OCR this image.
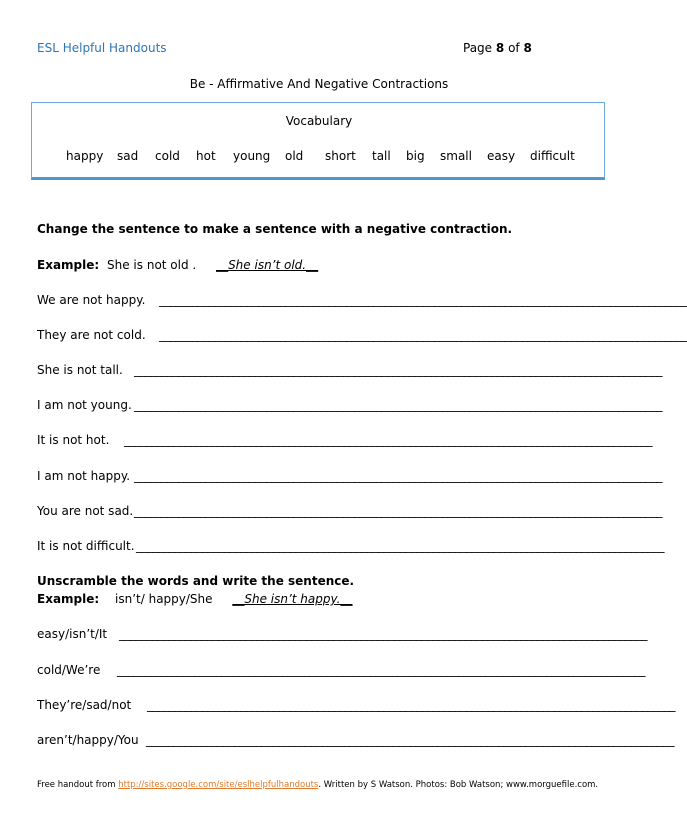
ESL Helpful Handouts	Page 8 of 8
Be - Affirmative And Negative Contractions
Vocabulary
happy sad cold hot young old short tall big small easy difficult
Change the sentence to make a sentence with a negative contraction.
Example: She is not old . __She isn’t old.__
We are not happy. ________________________________________________________________________________________________
They are not cold. ________________________________________________________________________________________________
She is not tall. ________________________________________________________________________________________________
I am not young. ________________________________________________________________________________________________
It is not hot. ________________________________________________________________________________________________
I am not happy. ________________________________________________________________________________________________
You are not sad. ________________________________________________________________________________________________
It is not difficult. ________________________________________________________________________________________________
Unscramble the words and write the sentence.
Example: isn’t/ happy/She __She isn’t happy.__
easy/isn’t/It ________________________________________________________________________________________________
cold/We’re ________________________________________________________________________________________________
They’re/sad/not ________________________________________________________________________________________________
aren’t/happy/You ________________________________________________________________________________________________
Free handout from http://sites.google.com/site/eslhelpfulhandouts. Written by S Watson. Photos: Bob Watson; www.morguefile.com.
